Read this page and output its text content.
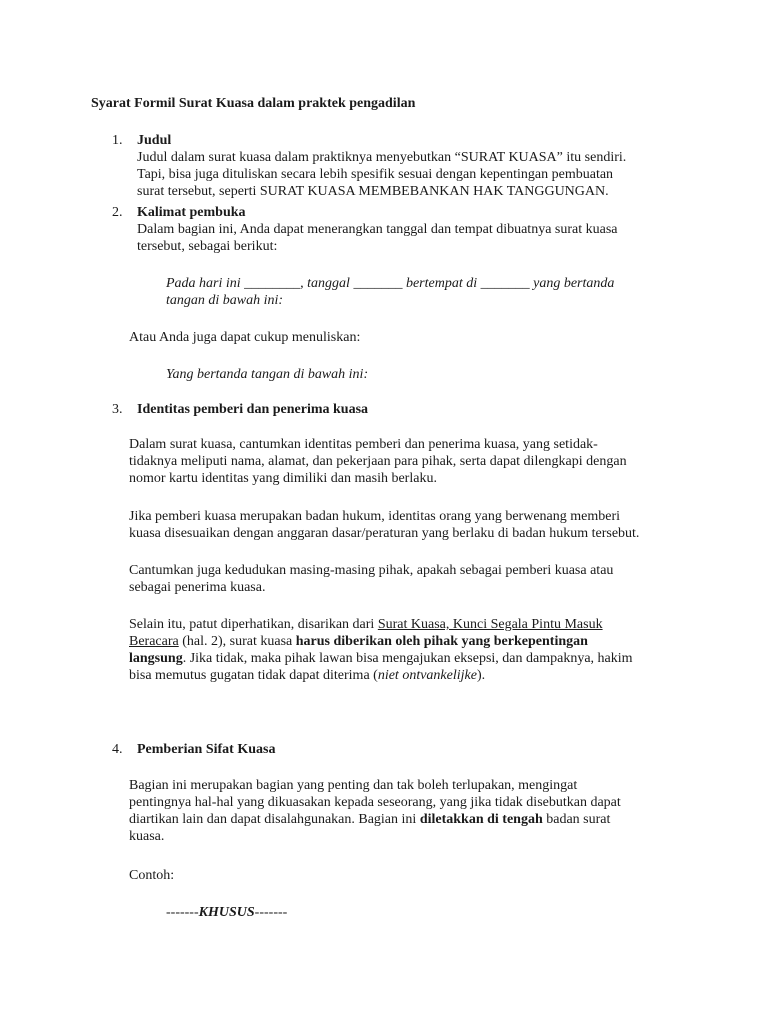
Syarat Formil Surat Kuasa dalam praktek pengadilan
1.	Judul

Judul dalam surat kuasa dalam praktiknya menyebutkan “SURAT KUASA” itu sendiri.

Tapi, bisa juga dituliskan secara lebih spesifik sesuai dengan kepentingan pembuatan

surat tersebut, seperti SURAT KUASA MEMBEBANKAN HAK TANGGUNGAN.

2.	Kalimat pembuka

Dalam bagian ini, Anda dapat menerangkan tanggal dan tempat dibuatnya surat kuasa

tersebut, sebagai berikut:

Pada hari ini ________, tanggal _______ bertempat di _______ yang bertanda

tangan di bawah ini:

Atau Anda juga dapat cukup menuliskan:
Yang bertanda tangan di bawah ini:
3.	Identitas pemberi dan penerima kuasa

Dalam surat kuasa, cantumkan identitas pemberi dan penerima kuasa, yang setidak-

tidaknya meliputi nama, alamat, dan pekerjaan para pihak, serta dapat dilengkapi dengan

nomor kartu identitas yang dimiliki dan masih berlaku.

Jika pemberi kuasa merupakan badan hukum, identitas orang yang berwenang memberi

kuasa disesuaikan dengan anggaran dasar/peraturan yang berlaku di badan hukum tersebut.

Cantumkan juga kedudukan masing-masing pihak, apakah sebagai pemberi kuasa atau

sebagai penerima kuasa.

Selain itu, patut diperhatikan, disarikan dari Surat Kuasa, Kunci Segala Pintu Masuk

Beracara (hal. 2), surat kuasa harus diberikan oleh pihak yang berkepentingan

langsung. Jika tidak, maka pihak lawan bisa mengajukan eksepsi, dan dampaknya, hakim

bisa memutus gugatan tidak dapat diterima (niet ontvankelijke).

4.	Pemberian Sifat Kuasa

Bagian ini merupakan bagian yang penting dan tak boleh terlupakan, mengingat

pentingnya hal-hal yang dikuasakan kepada seseorang, yang jika tidak disebutkan dapat

diartikan lain dan dapat disalahgunakan. Bagian ini diletakkan di tengah badan surat

kuasa.

Contoh:
-------KHUSUS-------
